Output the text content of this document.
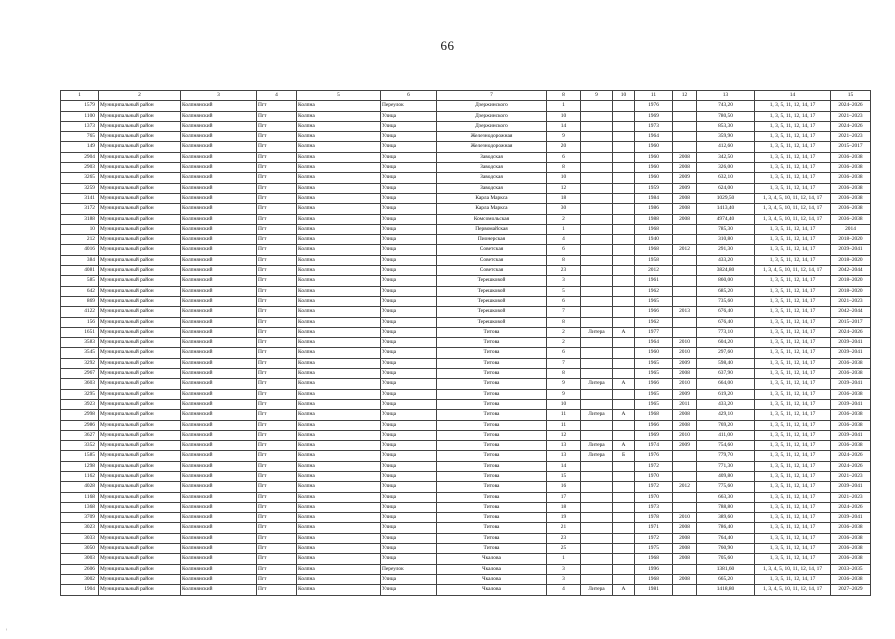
66
1	2	3	4	5	6	7	8	9	10	11	12	13	14	15
1579	Муниципальный район	Колпнянский	Пгт	Колпна	Переулок	Дзержинского	1			1976		743,20	1, 3, 5, 11, 12, 14, 17	2024–2026
1100	Муниципальный район	Колпнянский	Пгт	Колпна	Улица	Дзержинского	10			1969		780,50	1, 3, 5, 11, 12, 14, 17	2021–2023
1373	Муниципальный район	Колпнянский	Пгт	Колпна	Улица	Дзержинского	14			1973		853,30	1, 3, 5, 11, 12, 14, 17	2024–2026
765	Муниципальный район	Колпнянский	Пгт	Колпна	Улица	Железнодорожная	9			1964		359,90	1, 3, 5, 11, 12, 14, 17	2021–2023
149	Муниципальный район	Колпнянский	Пгт	Колпна	Улица	Железнодорожная	20			1960		412,60	1, 3, 5, 11, 12, 14, 17	2015–2017
2904	Муниципальный район	Колпнянский	Пгт	Колпна	Улица	Заводская	6			1960	2008	342,50	1, 3, 5, 11, 12, 14, 17	2036–2038
2903	Муниципальный район	Колпнянский	Пгт	Колпна	Улица	Заводская	8			1960	2008	326,00	1, 3, 5, 11, 12, 14, 17	2036–2038
3265	Муниципальный район	Колпнянский	Пгт	Колпна	Улица	Заводская	10			1960	2009	632,10	1, 3, 5, 11, 12, 14, 17	2036–2038
3259	Муниципальный район	Колпнянский	Пгт	Колпна	Улица	Заводская	12			1959	2009	624,00	1, 3, 5, 11, 12, 14, 17	2036–2038
3141	Муниципальный район	Колпнянский	Пгт	Колпна	Улица	Карла Маркса	18			1984	2008	1029,50	1, 3, 4, 5, 10, 11, 12, 14, 17	2036–2038
3172	Муниципальный район	Колпнянский	Пгт	Колпна	Улица	Карла Маркса	30			1986	2008	1413,40	1, 3, 4, 5, 10, 11, 12, 14, 17	2036–2038
3188	Муниципальный район	Колпнянский	Пгт	Колпна	Улица	Комсомольская	2			1988	2008	4974,40	1, 3, 4, 5, 10, 11, 12, 14, 17	2036–2038
10	Муниципальный район	Колпнянский	Пгт	Колпна	Улица	Первомайская	1			1968		785,30	1, 3, 5, 11, 12, 14, 17	2014
212	Муниципальный район	Колпнянский	Пгт	Колпна	Улица	Пионерская	4			1940		310,80	1, 3, 5, 11, 12, 14, 17	2018–2020
4016	Муниципальный район	Колпнянский	Пгт	Колпна	Улица	Советская	6			1968	2012	291,30	1, 3, 5, 11, 12, 14, 17	2039–2041
384	Муниципальный район	Колпнянский	Пгт	Колпна	Улица	Советская	8			1958		433,20	1, 3, 5, 11, 12, 14, 17	2018–2020
4081	Муниципальный район	Колпнянский	Пгт	Колпна	Улица	Советская	23			2012		3824,80	1, 3, 4, 5, 10, 11, 12, 14, 17	2042–2044
585	Муниципальный район	Колпнянский	Пгт	Колпна	Улица	Терешковой	3			1961		860,00	1, 3, 5, 11, 12, 14, 17	2018–2020
642	Муниципальный район	Колпнянский	Пгт	Колпна	Улица	Терешковой	5			1962		685,20	1, 3, 5, 11, 12, 14, 17	2018–2020
869	Муниципальный район	Колпнянский	Пгт	Колпна	Улица	Терешковой	6			1965		735,60	1, 3, 5, 11, 12, 14, 17	2021–2023
4122	Муниципальный район	Колпнянский	Пгт	Колпна	Улица	Терешковой	7			1966	2013	676,40	1, 3, 5, 11, 12, 14, 17	2042–2044
156	Муниципальный район	Колпнянский	Пгт	Колпна	Улица	Терешковой	8			1962		676,40	1, 3, 5, 11, 12, 14, 17	2015–2017
1651	Муниципальный район	Колпнянский	Пгт	Колпна	Улица	Титова	2	Литера	А	1977		773,10	1, 3, 5, 11, 12, 14, 17	2024–2026
3583	Муниципальный район	Колпнянский	Пгт	Колпна	Улица	Титова	2			1964	2010	604,20	1, 3, 5, 11, 12, 14, 17	2039–2041
3545	Муниципальный район	Колпнянский	Пгт	Колпна	Улица	Титова	6			1960	2010	297,60	1, 3, 5, 11, 12, 14, 17	2039–2041
3292	Муниципальный район	Колпнянский	Пгт	Колпна	Улица	Титова	7			1965	2009	598,40	1, 3, 5, 11, 12, 14, 17	2036–2038
2967	Муниципальный район	Колпнянский	Пгт	Колпна	Улица	Титова	8			1965	2008	637,90	1, 3, 5, 11, 12, 14, 17	2036–2038
3603	Муниципальный район	Колпнянский	Пгт	Колпна	Улица	Титова	9	Литера	А	1966	2010	664,00	1, 3, 5, 11, 12, 14, 17	2039–2041
3295	Муниципальный район	Колпнянский	Пгт	Колпна	Улица	Титова	9			1965	2009	619,20	1, 3, 5, 11, 12, 14, 17	2036–2038
3923	Муниципальный район	Колпнянский	Пгт	Колпна	Улица	Титова	10			1965	2011	433,20	1, 3, 5, 11, 12, 14, 17	2039–2041
2998	Муниципальный район	Колпнянский	Пгт	Колпна	Улица	Титова	11	Литера	А	1968	2008	429,10	1, 3, 5, 11, 12, 14, 17	2036–2038
2986	Муниципальный район	Колпнянский	Пгт	Колпна	Улица	Титова	11			1966	2008	769,20	1, 3, 5, 11, 12, 14, 17	2036–2038
3627	Муниципальный район	Колпнянский	Пгт	Колпна	Улица	Титова	12			1969	2010	411,00	1, 3, 5, 11, 12, 14, 17	2039–2041
3352	Муниципальный район	Колпнянский	Пгт	Колпна	Улица	Титова	13	Литера	А	1974	2009	754,60	1, 3, 5, 11, 12, 14, 17	2036–2038
1585	Муниципальный район	Колпнянский	Пгт	Колпна	Улица	Титова	13	Литера	Б	1976		779,70	1, 3, 5, 11, 12, 14, 17	2024–2026
1298	Муниципальный район	Колпнянский	Пгт	Колпна	Улица	Титова	14			1972		771,30	1, 3, 5, 11, 12, 14, 17	2024–2026
1162	Муниципальный район	Колпнянский	Пгт	Колпна	Улица	Титова	15			1970		409,80	1, 3, 5, 11, 12, 14, 17	2021–2023
4028	Муниципальный район	Колпнянский	Пгт	Колпна	Улица	Титова	16			1972	2012	775,60	1, 3, 5, 11, 12, 14, 17	2039–2041
1168	Муниципальный район	Колпнянский	Пгт	Колпна	Улица	Титова	17			1970		663,30	1, 3, 5, 11, 12, 14, 17	2021–2023
1368	Муниципальный район	Колпнянский	Пгт	Колпна	Улица	Титова	18			1973		788,80	1, 3, 5, 11, 12, 14, 17	2024–2026
3709	Муниципальный район	Колпнянский	Пгт	Колпна	Улица	Титова	19			1978	2010	389,60	1, 3, 5, 11, 12, 14, 17	2039–2041
3023	Муниципальный район	Колпнянский	Пгт	Колпна	Улица	Титова	21			1971	2008	786,40	1, 3, 5, 11, 12, 14, 17	2036–2038
3033	Муниципальный район	Колпнянский	Пгт	Колпна	Улица	Титова	23			1972	2008	764,40	1, 3, 5, 11, 12, 14, 17	2036–2038
3050	Муниципальный район	Колпнянский	Пгт	Колпна	Улица	Титова	25			1975	2008	760,90	1, 3, 5, 11, 12, 14, 17	2036–2038
3003	Муниципальный район	Колпнянский	Пгт	Колпна	Улица	Чкалова	1			1968	2008	705,60	1, 3, 5, 11, 12, 14, 17	2036–2038
2606	Муниципальный район	Колпнянский	Пгт	Колпна	Переулок	Чкалова	3			1996		1381,60	1, 3, 4, 5, 10, 11, 12, 14, 17	2033–2035
3002	Муниципальный район	Колпнянский	Пгт	Колпна	Улица	Чкалова	3			1968	2008	665,20	1, 3, 5, 11, 12, 14, 17	2036–2038
1904	Муниципальный район	Колпнянский	Пгт	Колпна	Улица	Чкалова	4	Литера	А	1981		1418,80	1, 3, 4, 5, 10, 11, 12, 14, 17	2027–2029
ⁱ
